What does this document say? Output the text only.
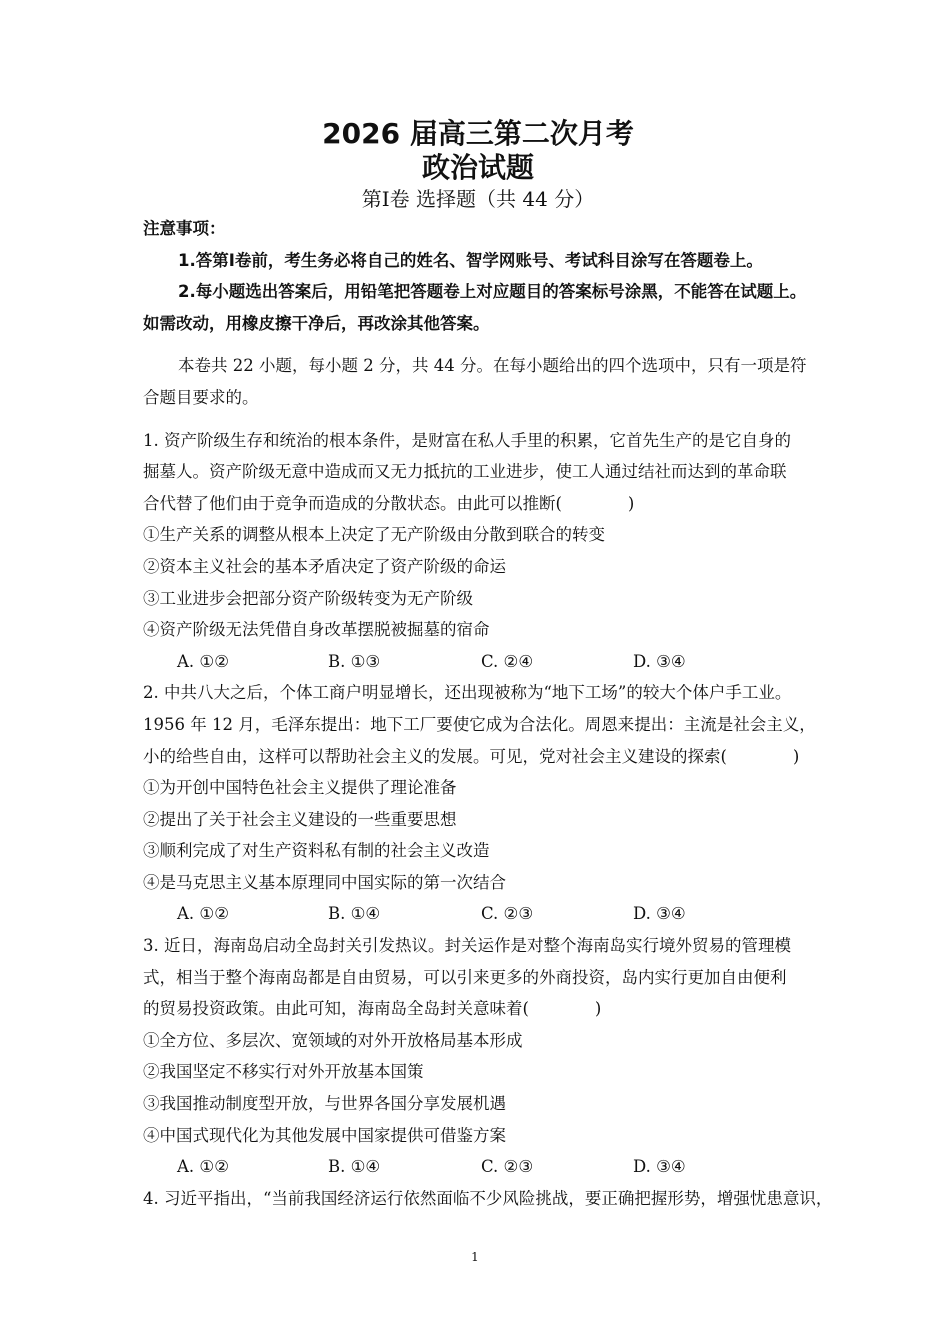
2026 届高三第二次月考
政治试题
第Ⅰ卷 选择题（共 44 分）
注意事项：
1.答第Ⅰ卷前，考生务必将自己的姓名、智学网账号、考试科目涂写在答题卷上。
2.每小题选出答案后，用铅笔把答题卷上对应题目的答案标号涂黑，不能答在试题上。
如需改动，用橡皮擦干净后，再改涂其他答案。
本卷共 22 小题，每小题 2 分，共 44 分。在每小题给出的四个选项中，只有一项是符
合题目要求的。
1. 资产阶级生存和统治的根本条件，是财富在私人手里的积累，它首先生产的是它自身的
掘墓人。资产阶级无意中造成而又无力抵抗的工业进步，使工人通过结社而达到的革命联
合代替了他们由于竞争而造成的分散状态。由此可以推断(　　　　)
①生产关系的调整从根本上决定了无产阶级由分散到联合的转变
②资本主义社会的基本矛盾决定了资产阶级的命运
③工业进步会把部分资产阶级转变为无产阶级
④资产阶级无法凭借自身改革摆脱被掘墓的宿命
A. ①②	B. ①③	C. ②④	D. ③④
2. 中共八大之后，个体工商户明显增长，还出现被称为“地下工场”的较大个体户手工业。
1956 年 12 月，毛泽东提出：地下工厂要使它成为合法化。周恩来提出：主流是社会主义，
小的给些自由，这样可以帮助社会主义的发展。可见，党对社会主义建设的探索(　　　　)
①为开创中国特色社会主义提供了理论准备
②提出了关于社会主义建设的一些重要思想
③顺利完成了对生产资料私有制的社会主义改造
④是马克思主义基本原理同中国实际的第一次结合
A. ①②	B. ①④	C. ②③	D. ③④
3. 近日，海南岛启动全岛封关引发热议。封关运作是对整个海南岛实行境外贸易的管理模
式，相当于整个海南岛都是自由贸易，可以引来更多的外商投资，岛内实行更加自由便利
的贸易投资政策。由此可知，海南岛全岛封关意味着(　　　　)
①全方位、多层次、宽领域的对外开放格局基本形成
②我国坚定不移实行对外开放基本国策
③我国推动制度型开放，与世界各国分享发展机遇
④中国式现代化为其他发展中国家提供可借鉴方案
A. ①②	B. ①④	C. ②③	D. ③④
4. 习近平指出，“当前我国经济运行依然面临不少风险挑战，要正确把握形势，增强忧患意识，
1
